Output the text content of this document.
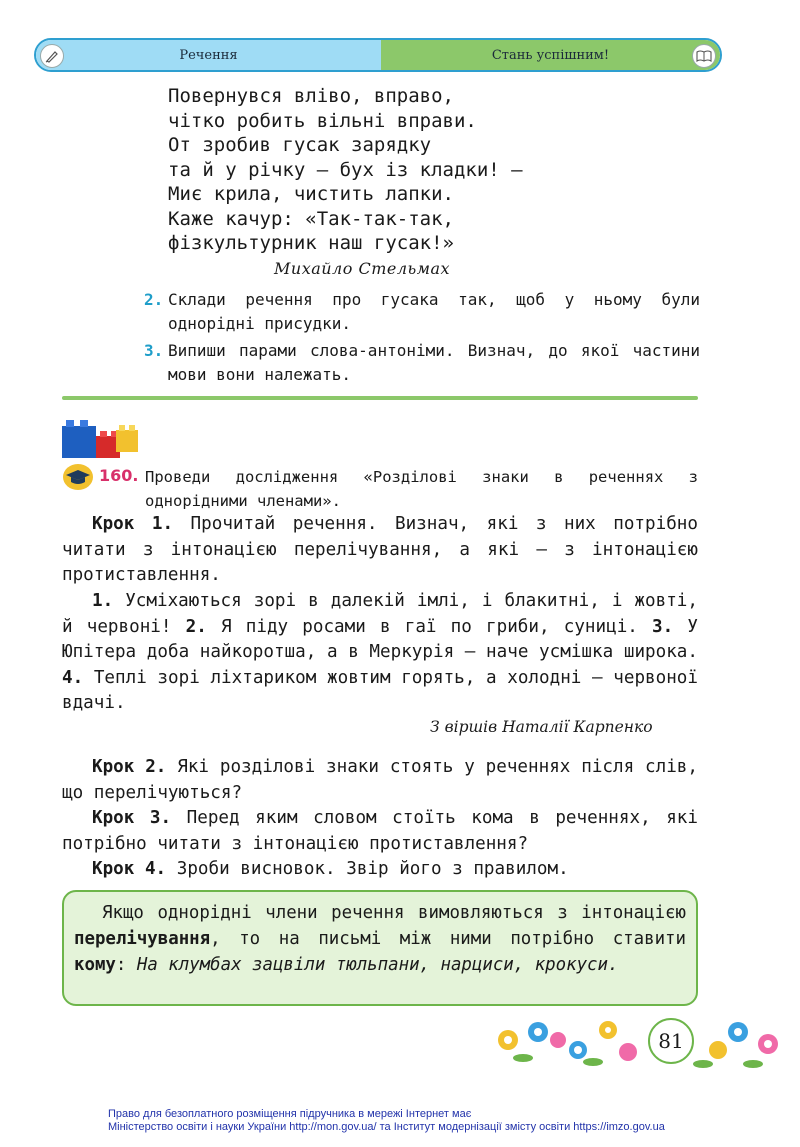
Речення	Стань успішним!
Повернувся вліво, вправо,
чітко робить вільні вправи.
От зробив гусак зарядку
та й у річку — бух із кладки! —
Миє крила, чистить лапки.
Каже качур: «Так-так-так,
фізкультурник наш гусак!»
Михайло Стельмах
2. Склади речення про гусака так, щоб у ньому були однорідні присудки.
3. Випиши парами слова-антоніми. Визнач, до якої частини мови вони належать.
160. Проведи дослідження «Розділові знаки в реченнях з однорідними членами».

Крок 1. Прочитай речення. Визнач, які з них потрібно читати з інтонацією перелічування, а які — з інтонацією протиставлення.

1. Усміхаються зорі в далекій імлі, і блакитні, і жовті, й червоні! 2. Я піду росами в гаї по гриби, суниці. 3. У Юпітера доба найкоротша, а в Меркурія — наче усмішка широка. 4. Теплі зорі ліхтариком жовтим горять, а холодні — червоної вдачі.

З віршів Наталії Карпенко

Крок 2. Які розділові знаки стоять у реченнях після слів, що перелічуються?

Крок 3. Перед яким словом стоїть кома в реченнях, які потрібно читати з інтонацією протиставлення?

Крок 4. Зроби висновок. Звір його з правилом.

Якщо однорідні члени речення вимовляються з інтонацією перелічування, то на письмі між ними потрібно ставити кому: На клумбах зацвіли тюльпани, нарциси, крокуси.

81
Право для безоплатного розміщення підручника в мережі Інтернет має
Міністерство освіти і науки України http://mon.gov.ua/ та Інститут модернізації змісту освіти https://imzo.gov.ua
